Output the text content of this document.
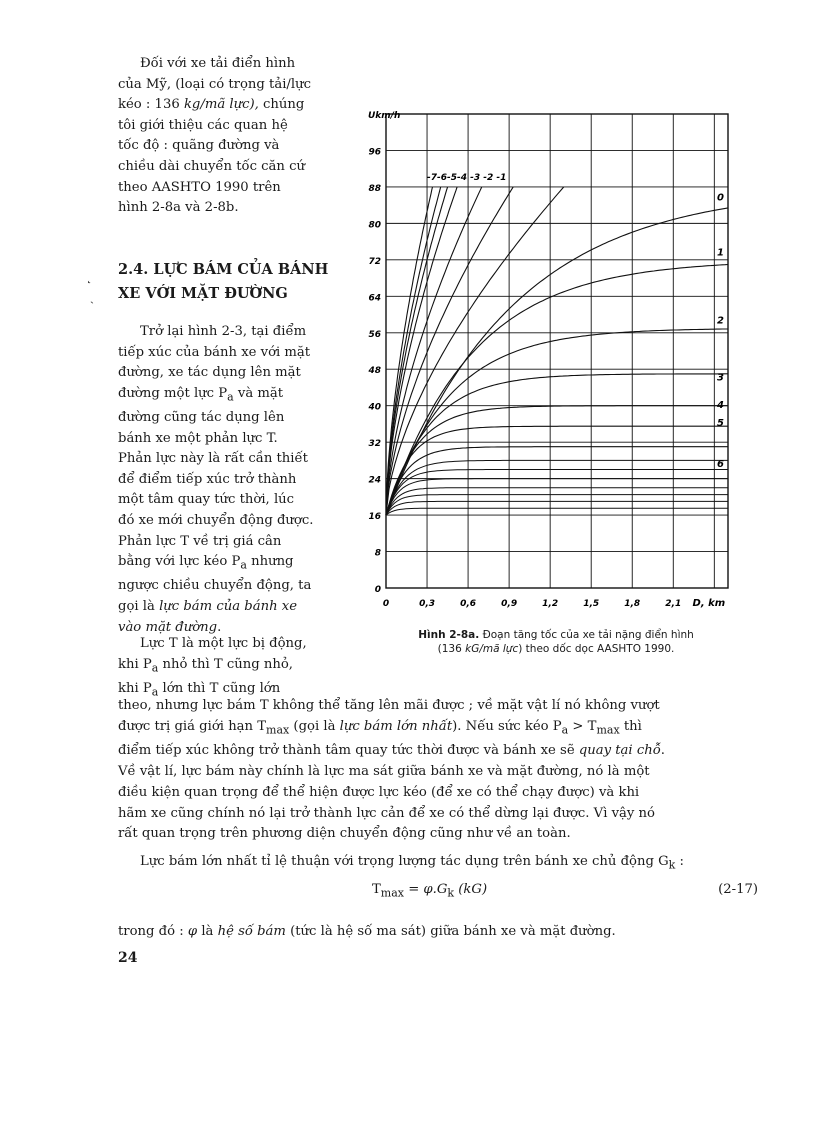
Đối với xe tải điển hình

của Mỹ, (loại có trọng tải/lực

kéo : 136 kg/mã lực), chúng

tôi giới thiệu các quan hệ

tốc độ : quãng đường và

chiều dài chuyển tốc căn cứ

theo AASHTO 1990 trên

hình 2-8a và 2-8b.

2.4. LỰC BÁM CỦA BÁNH
XE VỚI MẶT ĐƯỜNG

Trở lại hình 2-3, tại điểm

tiếp xúc của bánh xe với mặt

đường, xe tác dụng lên mặt

đường một lực $P_a$ và mặt

đường cũng tác dụng lên

bánh xe một phản lực T.

Phản lực này là rất cần thiết

để điểm tiếp xúc trở thành

một tâm quay tức thời, lúc

đó xe mới chuyển động được.

Phản lực T về trị giá cân

bằng với lực kéo $P_a$ nhưng

ngược chiều chuyển động, ta

gọi là lực bám của bánh xe

vào mặt đường.

Lực T là một lực bị động,

khi $P_a$ nhỏ thì T cũng nhỏ,

khi $P_a$ lớn thì T cũng lớn

theo, nhưng lực bám T không thể tăng lên mãi được ; về mặt vật lí nó không vượt

được trị giá giới hạn $T_{max}$ (gọi là lực bám lớn nhất). Nếu sức kéo $P_a > T_{max}$ thì

điểm tiếp xúc không trở thành tâm quay tức thời được và bánh xe sẽ quay tại chỗ.

Về vật lí, lực bám này chính là lực ma sát giữa bánh xe và mặt đường, nó là một

điều kiện quan trọng để thể hiện được lực kéo (để xe có thể chạy được) và khi

hãm xe cũng chính nó lại trở thành lực cản để xe có thể dừng lại được. Vì vậy nó

rất quan trọng trên phương diện chuyển động cũng như về an toàn.

Lực bám lớn nhất tỉ lệ thuận với trọng lượng tác dụng trên bánh xe chủ động $G_k$ :

$T_{max} = \varphi.G_k$ (kG)	(2-17)

trong đó : φ là hệ số bám (tức là hệ số ma sát) giữa bánh xe và mặt đường.

24
0
8
16
24
32
40
48
56
64
72
80
88
96
Ukm/h
0	0,3	0,6	0,9	1,2	1,5	1,8	2,1 D, km
0
1
2
3
4
5
6
-7-6-5-4 -3 -2 -1
Hình 2-8a. Đoạn tăng tốc của xe tải nặng điển hình
(136 kG/mã lực) theo dốc dọc AASHTO 1990.
˛
ˎ
